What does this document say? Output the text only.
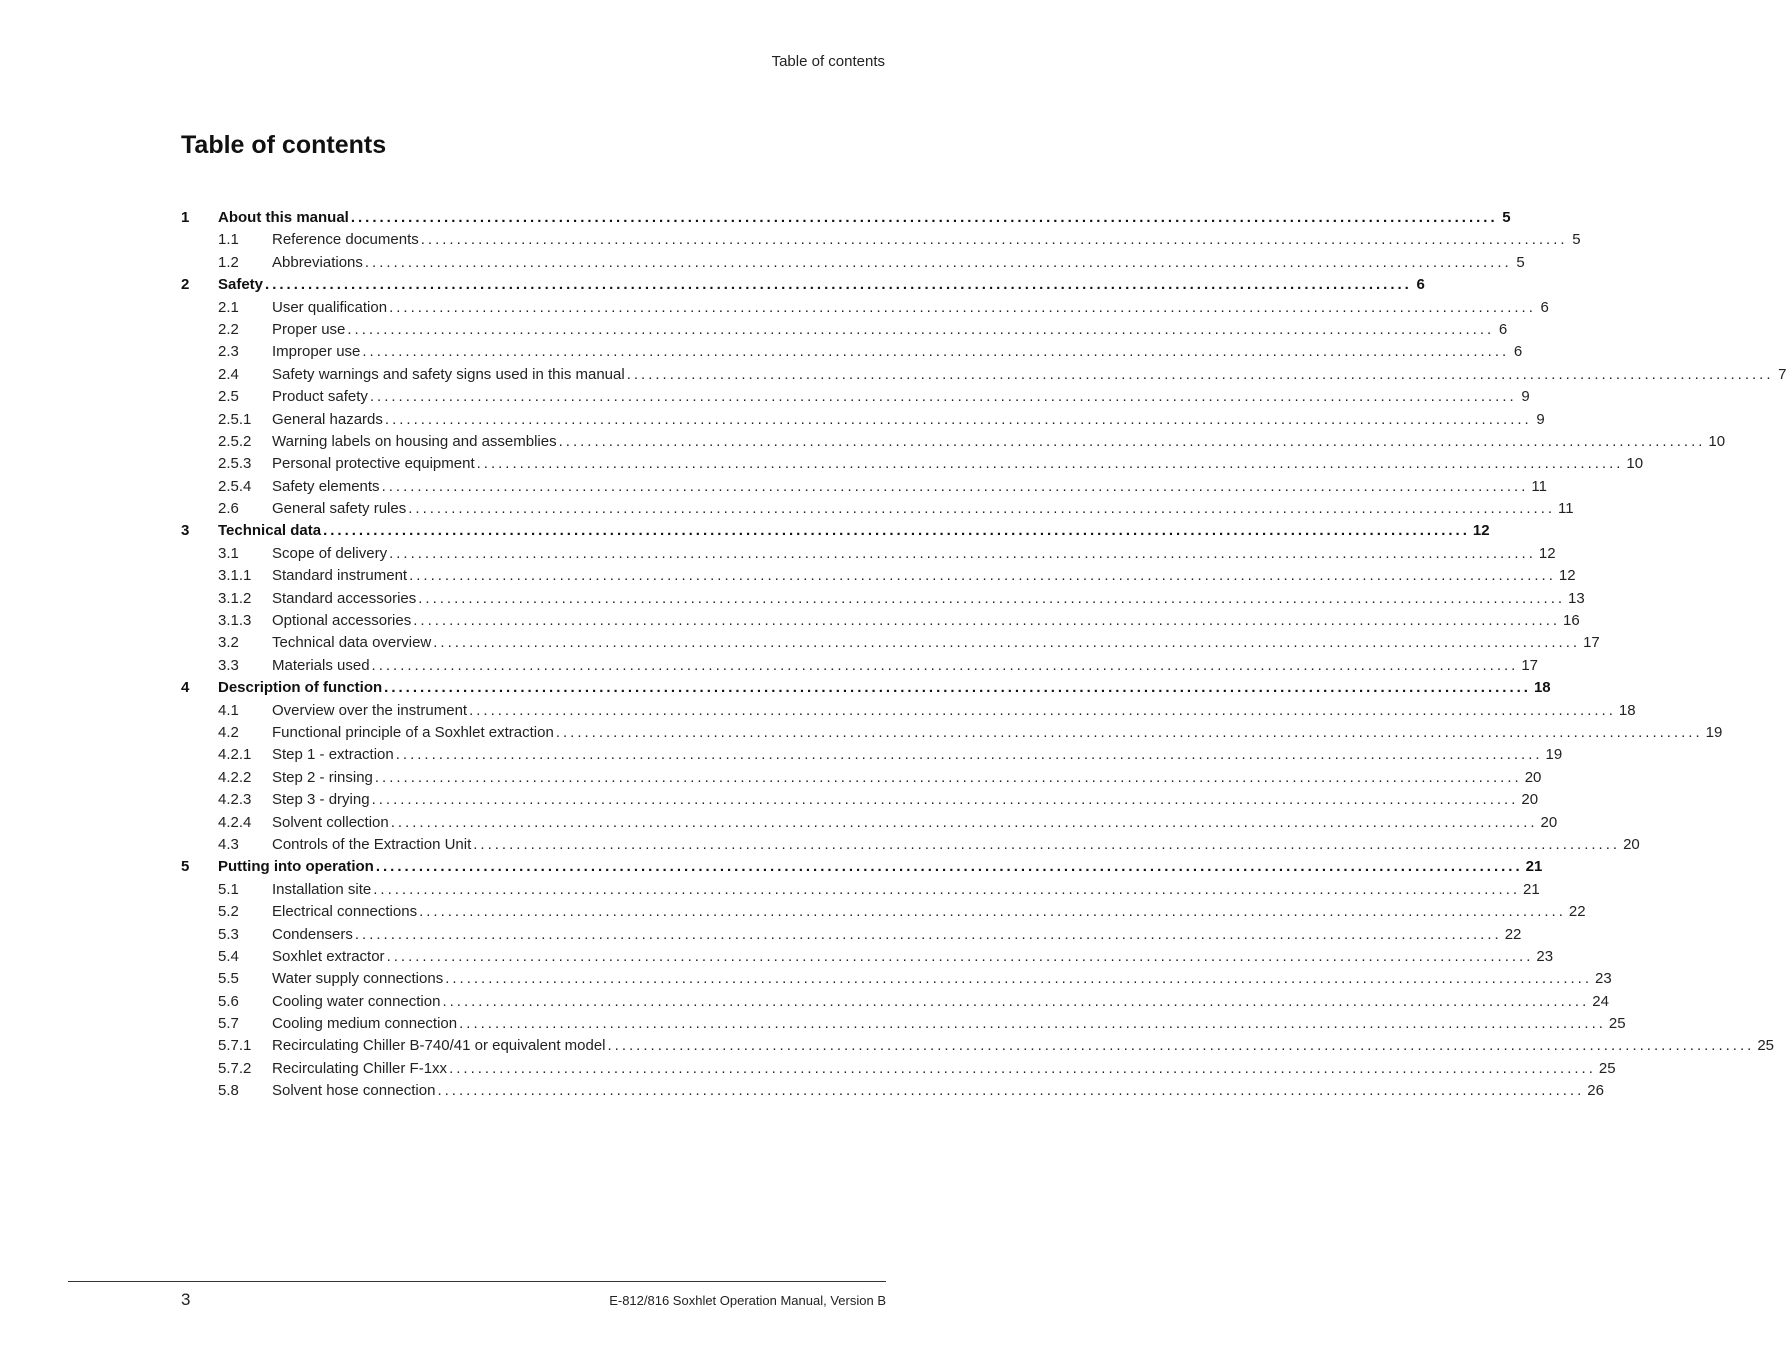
Table of contents
Table of contents
1 About this manual ................................................................................................................................................................ 5
1.1 Reference documents ................................................................................................................................................................ 5
1.2 Abbreviations ................................................................................................................................................................ 5
2 Safety ................................................................................................................................................................ 6
2.1 User qualification ................................................................................................................................................................ 6
2.2 Proper use ................................................................................................................................................................ 6
2.3 Improper use ................................................................................................................................................................ 6
2.4 Safety warnings and safety signs used in this manual ................................................................................................................................................................ 7
2.5 Product safety ................................................................................................................................................................ 9
2.5.1 General hazards ................................................................................................................................................................ 9
2.5.2 Warning labels on housing and assemblies ................................................................................................................................................................ 10
2.5.3 Personal protective equipment ................................................................................................................................................................ 10
2.5.4 Safety elements ................................................................................................................................................................ 11
2.6 General safety rules ................................................................................................................................................................ 11
3 Technical data ................................................................................................................................................................ 12
3.1 Scope of delivery ................................................................................................................................................................ 12
3.1.1 Standard instrument ................................................................................................................................................................ 12
3.1.2 Standard accessories ................................................................................................................................................................ 13
3.1.3 Optional accessories ................................................................................................................................................................ 16
3.2 Technical data overview ................................................................................................................................................................ 17
3.3 Materials used ................................................................................................................................................................ 17
4 Description of function ................................................................................................................................................................ 18
4.1 Overview over the instrument ................................................................................................................................................................ 18
4.2 Functional principle of a Soxhlet extraction ................................................................................................................................................................ 19
4.2.1 Step 1 - extraction ................................................................................................................................................................ 19
4.2.2 Step 2 - rinsing ................................................................................................................................................................ 20
4.2.3 Step 3 - drying ................................................................................................................................................................ 20
4.2.4 Solvent collection ................................................................................................................................................................ 20
4.3 Controls of the Extraction Unit ................................................................................................................................................................ 20
5 Putting into operation ................................................................................................................................................................ 21
5.1 Installation site ................................................................................................................................................................ 21
5.2 Electrical connections ................................................................................................................................................................ 22
5.3 Condensers ................................................................................................................................................................ 22
5.4 Soxhlet extractor ................................................................................................................................................................ 23
5.5 Water supply connections ................................................................................................................................................................ 23
5.6 Cooling water connection ................................................................................................................................................................ 24
5.7 Cooling medium connection ................................................................................................................................................................ 25
5.7.1 Recirculating Chiller B-740/41 or equivalent model ................................................................................................................................................................ 25
5.7.2 Recirculating Chiller F-1xx ................................................................................................................................................................ 25
5.8 Solvent hose connection ................................................................................................................................................................ 26
3	E-812/816 Soxhlet Operation Manual, Version B
